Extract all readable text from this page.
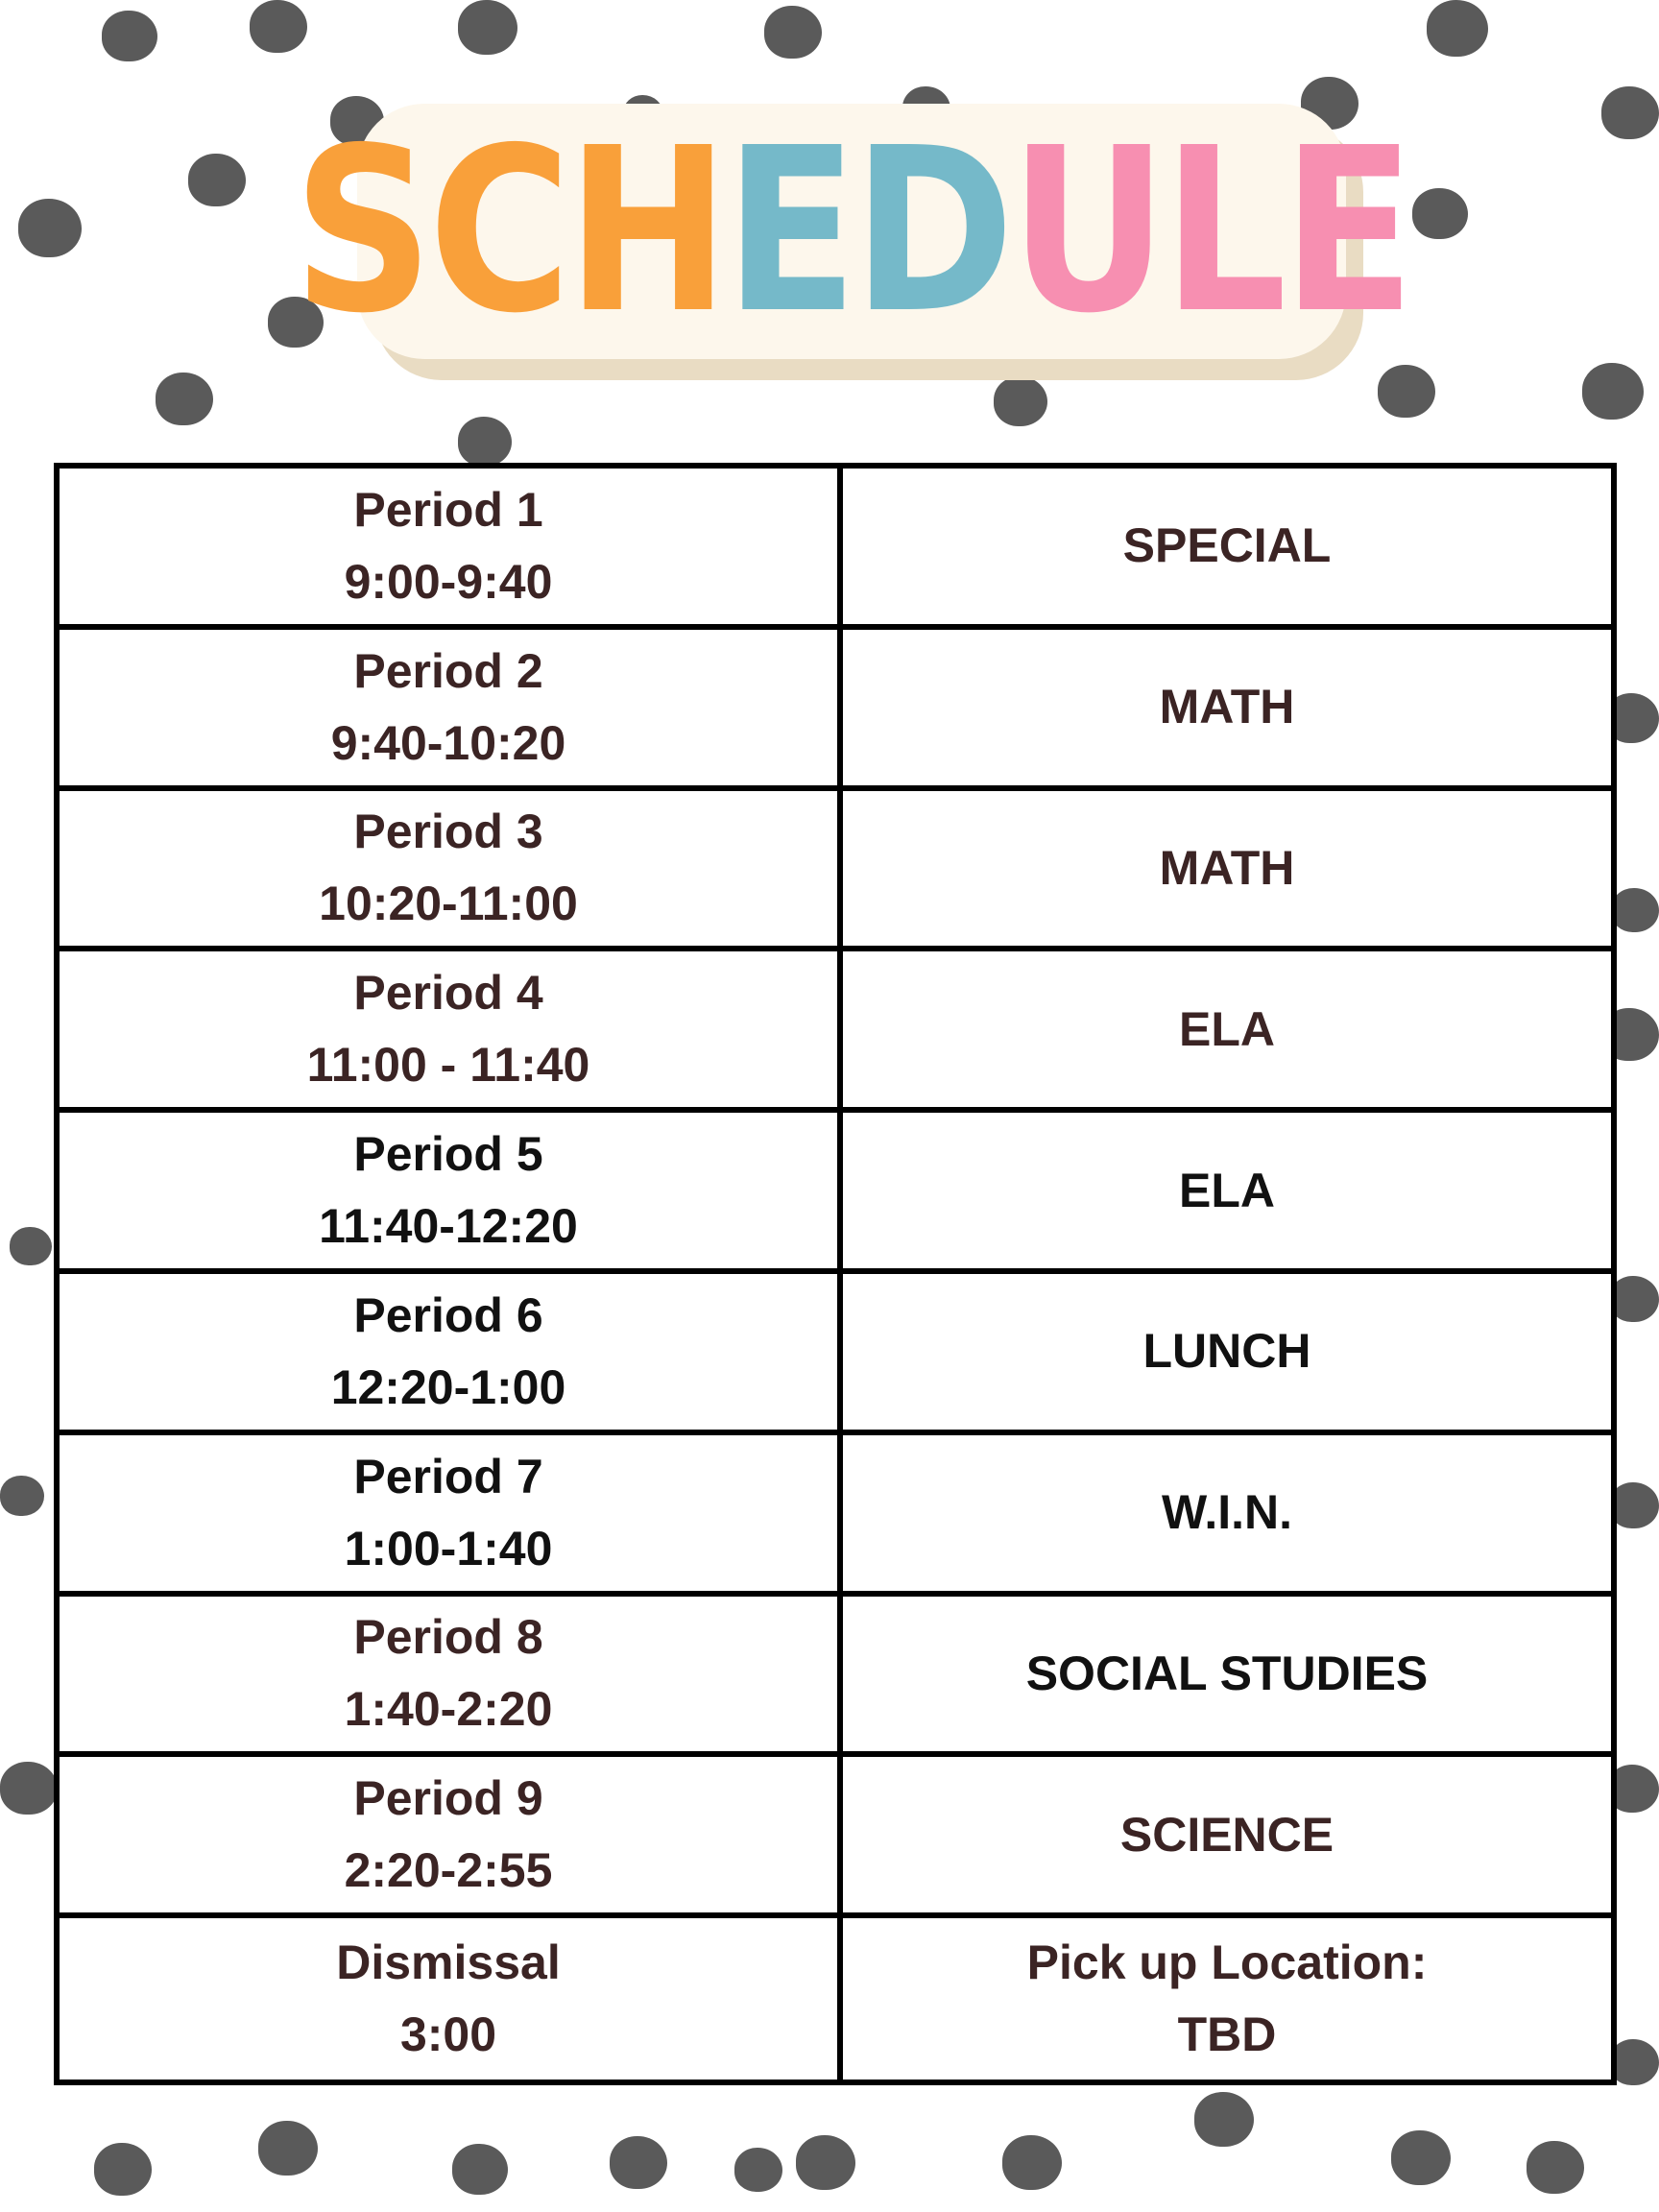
S C H E D U L E
Period 1
9:00-9:40
SPECIAL
Period 2
9:40-10:20
MATH
Period 3
10:20-11:00
MATH
Period 4
11:00 - 11:40
ELA
Period 5
11:40-12:20
ELA
Period 6
12:20-1:00
LUNCH
Period 7
1:00-1:40
W.I.N.
Period 8
1:40-2:20
SOCIAL STUDIES
Period 9
2:20-2:55
SCIENCE
Dismissal
3:00
Pick up Location:
TBD
